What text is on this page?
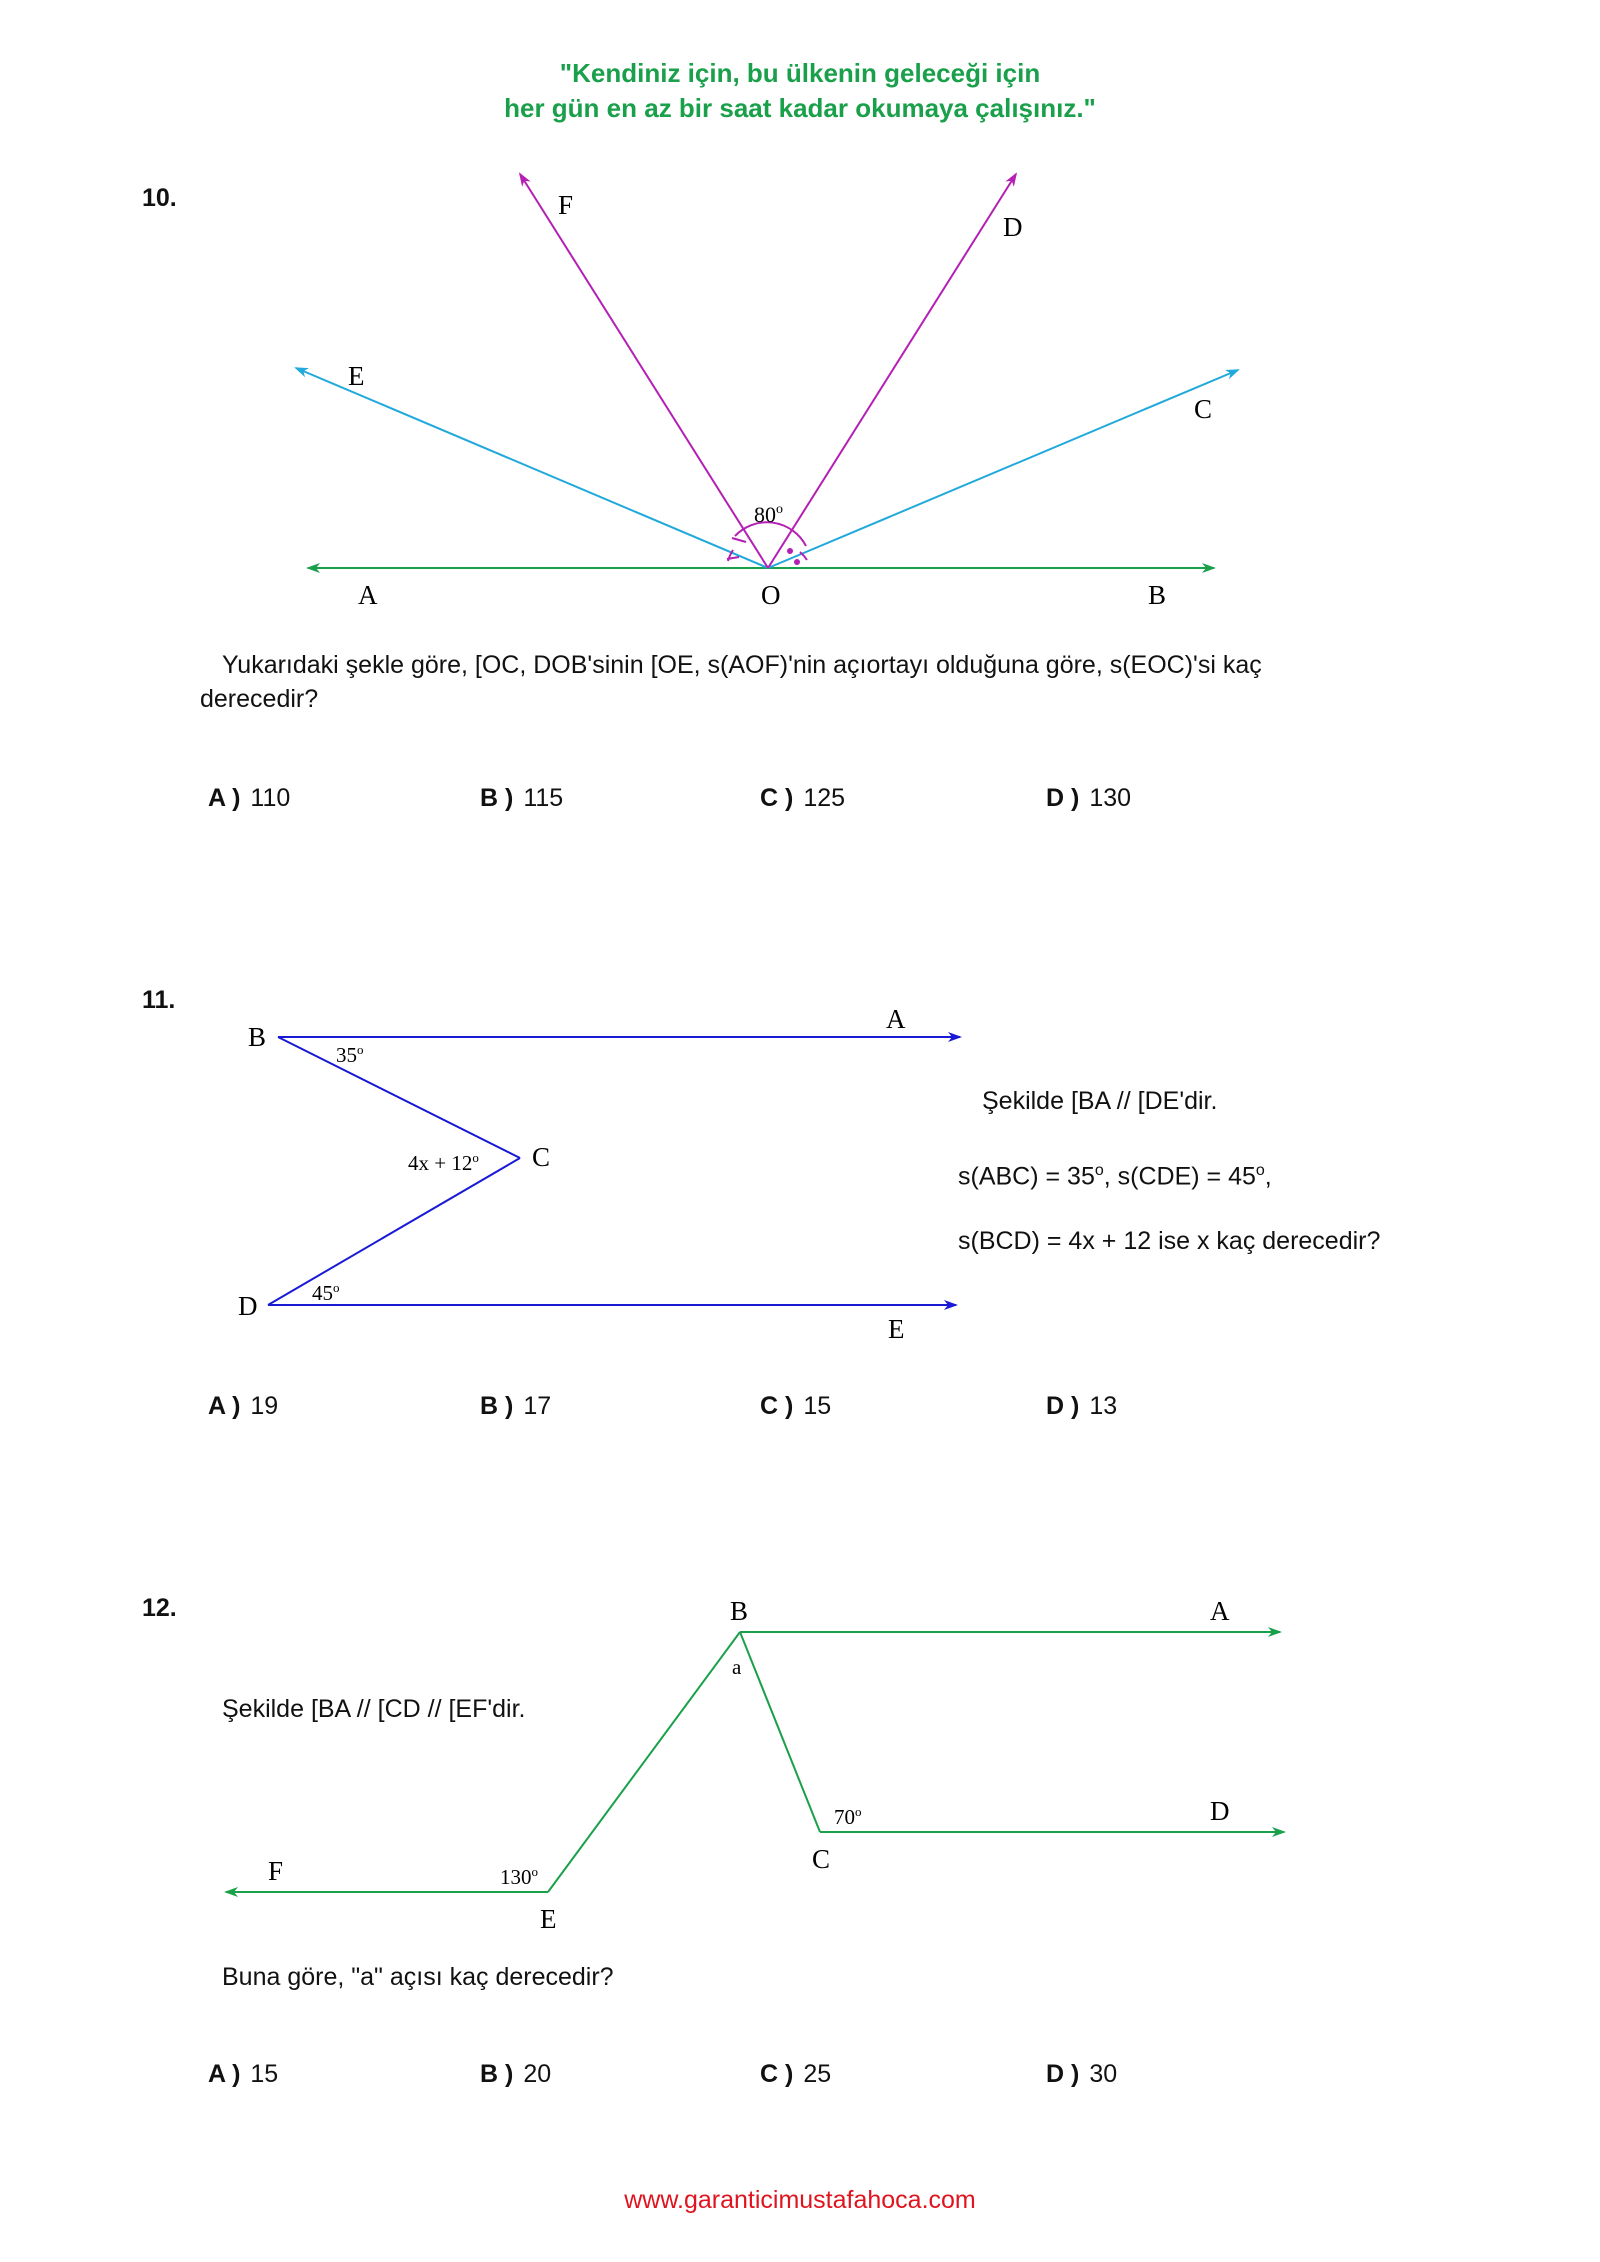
"Kendiniz için, bu ülkenin geleceği için
her gün en az bir saat kadar okumaya çalışınız."
10.	F
D
E
C
A	O	B
80$^o$
Yukarıdaki şekle göre, [OC, DOB'sinin [OE, s(AOF)'nin açıortayı olduğuna göre, s(EOC)'si kaç
derecedir?
A ) 110	B ) 115	C ) 125	D ) 130
11.
B
A
C
D
E
35$^o$
$4x + 12^o$
45$^o$
Şekilde [BA // [DE'dir.
$s(ABC) = 35^o$, $s(CDE) = 45^o$,
s(BCD) = 4x + 12 ise x kaç derecedir?
A ) 19	B ) 17	C ) 15	D ) 13
12.	B	A
a
D
C
F
E
70$^o$
130$^o$
Şekilde [BA // [CD // [EF'dir.
Buna göre, "a" açısı kaç derecedir?
A ) 15	B ) 20	C ) 25	D ) 30
www.garanticimustafahoca.com
